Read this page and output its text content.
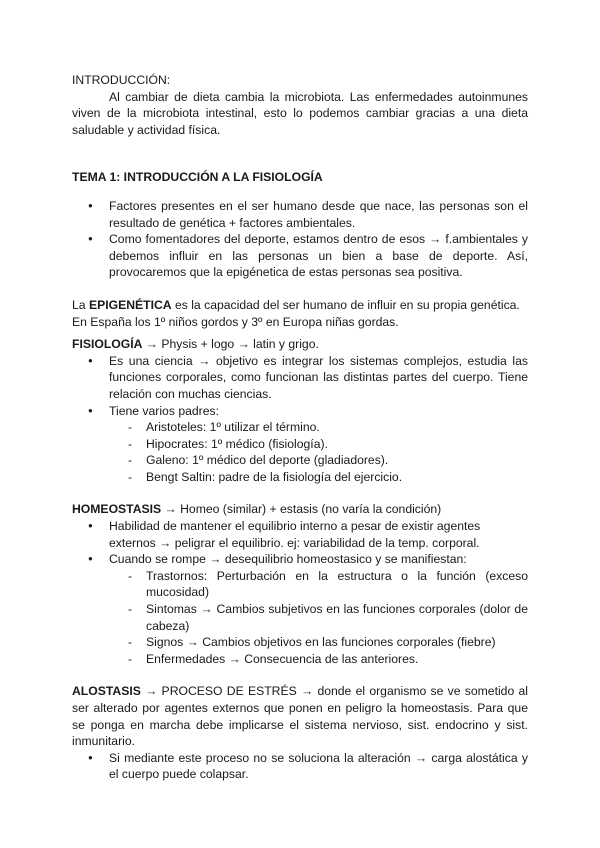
INTRODUCCIÓN:

Al cambiar de dieta cambia la microbiota. Las enfermedades autoinmunes viven de la microbiota intestinal, esto lo podemos cambiar gracias a una dieta saludable y actividad física.

TEMA 1: INTRODUCCIÓN A LA FISIOLOGÍA

● Factores presentes en el ser humano desde que nace, las personas son el resultado de genética + factores ambientales.
● Como fomentadores del deporte, estamos dentro de esos → f.ambientales y debemos influir en las personas un bien a base de deporte. Así, provocaremos que la epigénetica de estas personas sea positiva.

La EPIGENÉTICA es la capacidad del ser humano de influir en su propia genética.

En España los 1º niños gordos y 3º en Europa niñas gordas.

FISIOLOGÍA → Physis + logo → latin y grigo.

● Es una ciencia → objetivo es integrar los sistemas complejos, estudia las funciones corporales, como funcionan las distintas partes del cuerpo. Tiene relación con muchas ciencias.
● Tiene varios padres:
- Aristoteles: 1º utilizar el término.
- Hipocrates: 1º médico (fisiología).
- Galeno: 1º médico del deporte (gladiadores).
- Bengt Saltin: padre de la fisiología del ejercicio.

HOMEOSTASIS → Homeo (similar) + estasis (no varía la condición)

● Habilidad de mantener el equilibrio interno a pesar de existir agentes externos → peligrar el equilibrio. ej: variabilidad de la temp. corporal.
● Cuando se rompe → desequilibrio homeostasico y se manifiestan:
- Trastornos: Perturbación en la estructura o la función (exceso mucosidad)
- Sintomas → Cambios subjetivos en las funciones corporales (dolor de cabeza)
- Signos → Cambios objetivos en las funciones corporales (fiebre)
- Enfermedades → Consecuencia de las anteriores.

ALOSTASIS → PROCESO DE ESTRÉS → donde el organismo se ve sometido al ser alterado por agentes externos que ponen en peligro la homeostasis. Para que se ponga en marcha debe implicarse el sistema nervioso, sist. endocrino y sist. inmunitario.

● Si mediante este proceso no se soluciona la alteración → carga alostática y el cuerpo puede colapsar.
